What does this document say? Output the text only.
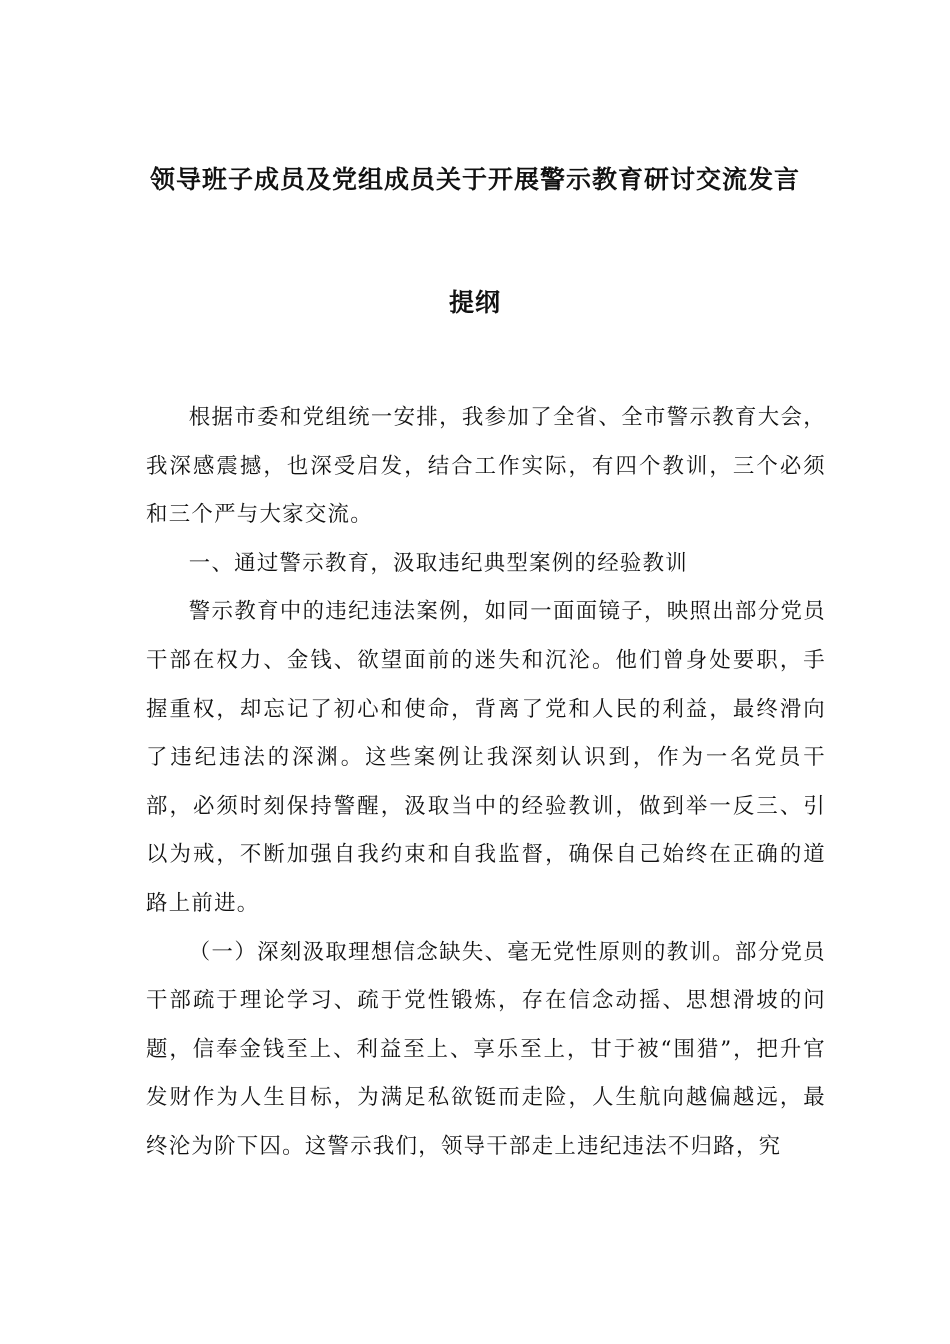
领导班子成员及党组成员关于开展警示教育研讨交流发言
提纲

根据市委和党组统一安排，我参加了全省、全市警示教育大会，我深感震撼，也深受启发，结合工作实际，有四个教训，三个必须和三个严与大家交流。

一、通过警示教育，汲取违纪典型案例的经验教训

警示教育中的违纪违法案例，如同一面面镜子，映照出部分党员干部在权力、金钱、欲望面前的迷失和沉沦。他们曾身处要职，手握重权，却忘记了初心和使命，背离了党和人民的利益，最终滑向了违纪违法的深渊。这些案例让我深刻认识到，作为一名党员干部，必须时刻保持警醒，汲取当中的经验教训，做到举一反三、引以为戒，不断加强自我约束和自我监督，确保自己始终在正确的道路上前进。

（一）深刻汲取理想信念缺失、毫无党性原则的教训。部分党员干部疏于理论学习、疏于党性锻炼，存在信念动摇、思想滑坡的问题，信奉金钱至上、利益至上、享乐至上，甘于被“围猎”，把升官发财作为人生目标，为满足私欲铤而走险，人生航向越偏越远，最终沦为阶下囚。这警示我们，领导干部走上违纪违法不归路，究
